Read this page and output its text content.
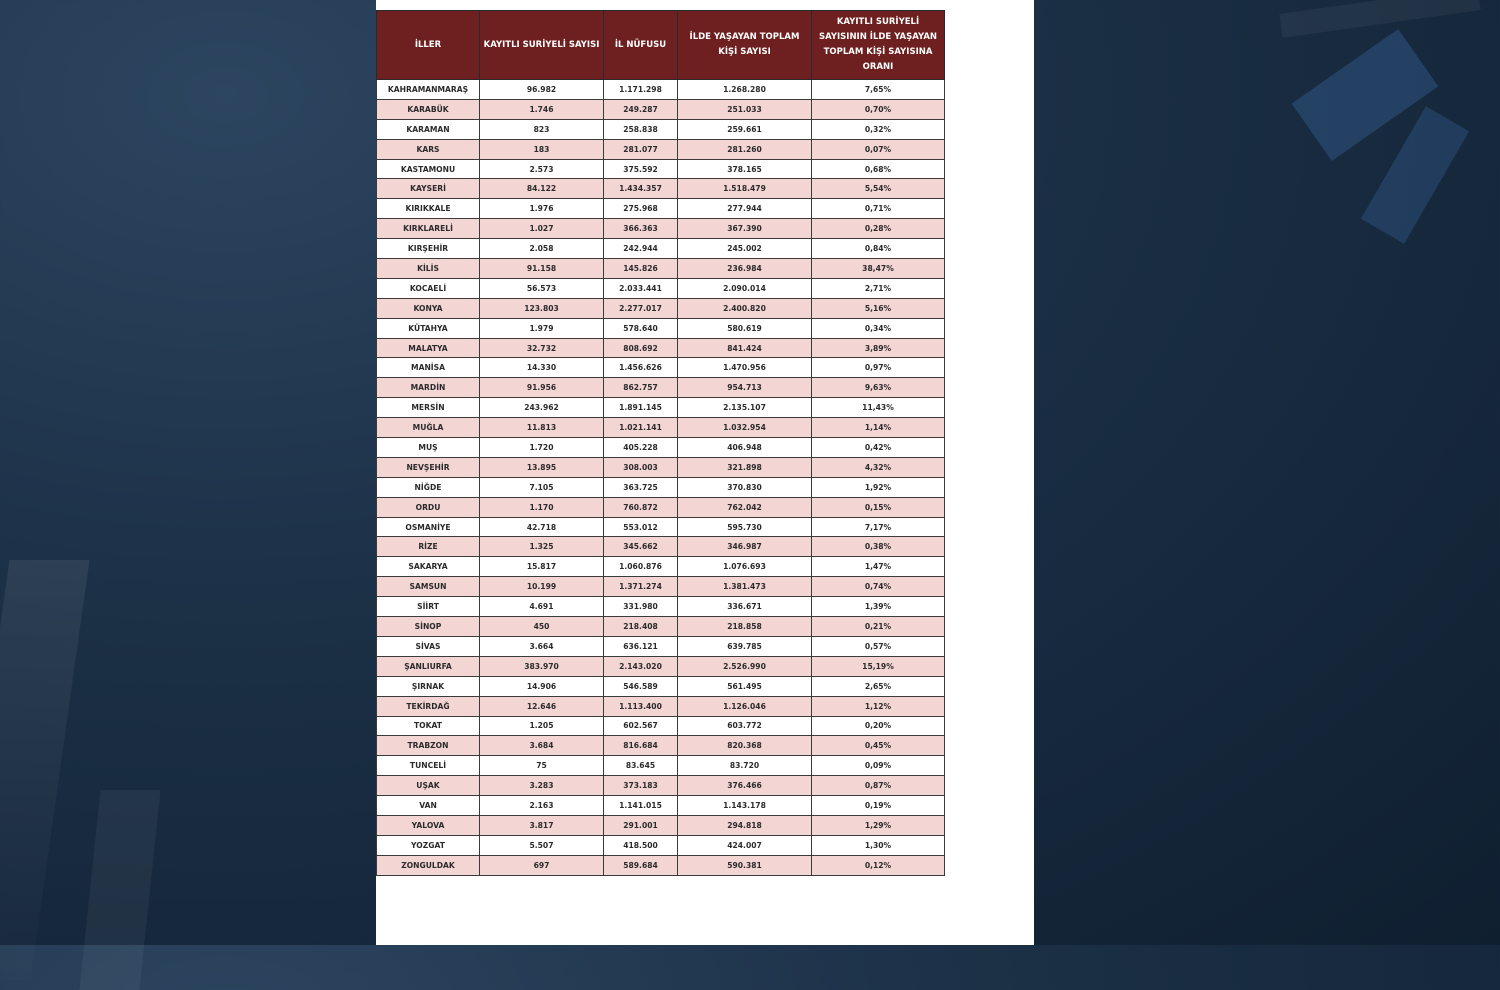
İLLER	KAYITLI SURİYELİ SAYISI	İL NÜFUSU	İLDE YAŞAYAN TOPLAM KİŞİ SAYISI	KAYITLI SURİYELİ SAYISININ İLDE YAŞAYAN TOPLAM KİŞİ SAYISINA ORANI
KAHRAMANMARAŞ	96.982	1.171.298	1.268.280	7,65%
KARABÜK	1.746	249.287	251.033	0,70%
KARAMAN	823	258.838	259.661	0,32%
KARS	183	281.077	281.260	0,07%
KASTAMONU	2.573	375.592	378.165	0,68%
KAYSERİ	84.122	1.434.357	1.518.479	5,54%
KIRIKKALE	1.976	275.968	277.944	0,71%
KIRKLARELİ	1.027	366.363	367.390	0,28%
KIRŞEHİR	2.058	242.944	245.002	0,84%
KİLİS	91.158	145.826	236.984	38,47%
KOCAELİ	56.573	2.033.441	2.090.014	2,71%
KONYA	123.803	2.277.017	2.400.820	5,16%
KÜTAHYA	1.979	578.640	580.619	0,34%
MALATYA	32.732	808.692	841.424	3,89%
MANİSA	14.330	1.456.626	1.470.956	0,97%
MARDİN	91.956	862.757	954.713	9,63%
MERSİN	243.962	1.891.145	2.135.107	11,43%
MUĞLA	11.813	1.021.141	1.032.954	1,14%
MUŞ	1.720	405.228	406.948	0,42%
NEVŞEHİR	13.895	308.003	321.898	4,32%
NİĞDE	7.105	363.725	370.830	1,92%
ORDU	1.170	760.872	762.042	0,15%
OSMANİYE	42.718	553.012	595.730	7,17%
RİZE	1.325	345.662	346.987	0,38%
SAKARYA	15.817	1.060.876	1.076.693	1,47%
SAMSUN	10.199	1.371.274	1.381.473	0,74%
SİİRT	4.691	331.980	336.671	1,39%
SİNOP	450	218.408	218.858	0,21%
SİVAS	3.664	636.121	639.785	0,57%
ŞANLIURFA	383.970	2.143.020	2.526.990	15,19%
ŞIRNAK	14.906	546.589	561.495	2,65%
TEKİRDAĞ	12.646	1.113.400	1.126.046	1,12%
TOKAT	1.205	602.567	603.772	0,20%
TRABZON	3.684	816.684	820.368	0,45%
TUNCELİ	75	83.645	83.720	0,09%
UŞAK	3.283	373.183	376.466	0,87%
VAN	2.163	1.141.015	1.143.178	0,19%
YALOVA	3.817	291.001	294.818	1,29%
YOZGAT	5.507	418.500	424.007	1,30%
ZONGULDAK	697	589.684	590.381	0,12%
